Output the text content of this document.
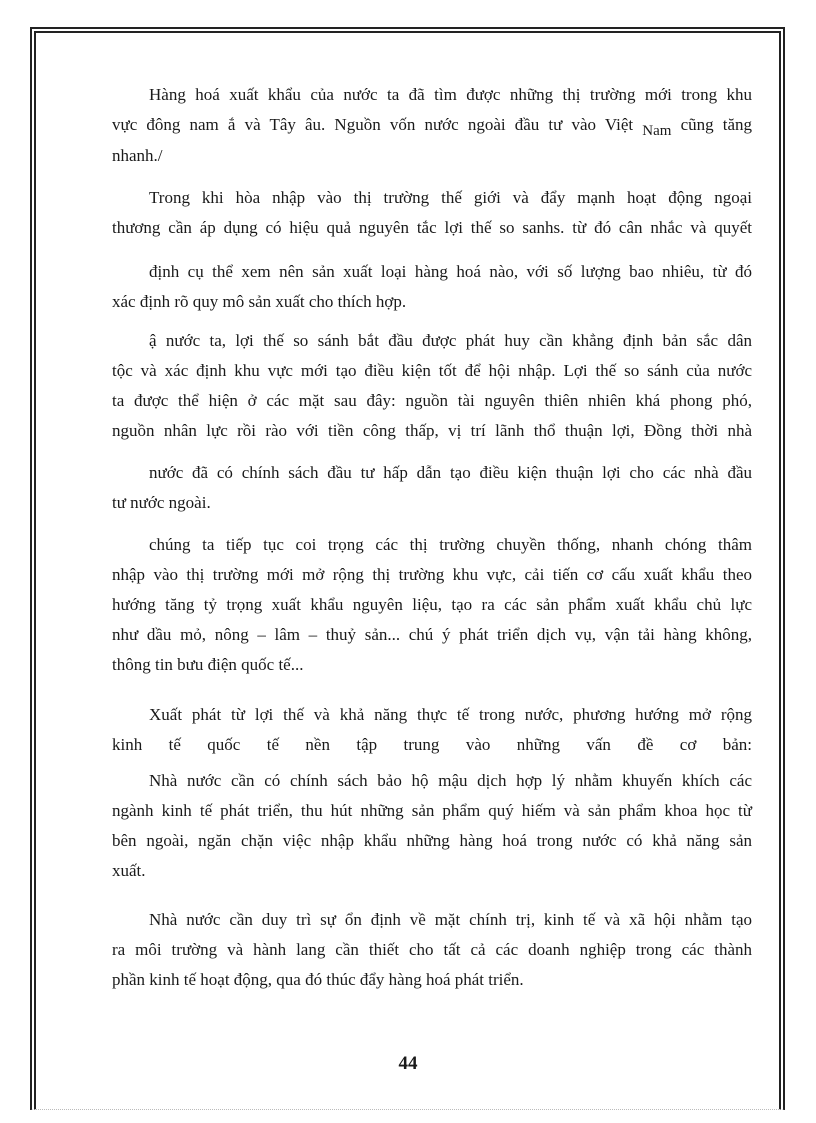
Hàng hoá xuất khẩu của nước ta đã tìm được những thị trường mới trong khu
vực đông nam ắ và Tây âu. Nguồn vốn nước ngoài đầu tư vào Việt Nam cũng tăng
nhanh./
Trong khi hòa nhập vào thị trường thế giới và đẩy mạnh hoạt động ngoại
thương cần áp dụng có hiệu quả nguyên tắc lợi thế so sanhs. từ đó cân nhắc và quyết
định cụ thể xem nên sản xuất loại hàng hoá nào, với số lượng bao nhiêu, từ đó
xác định rõ quy mô sản xuất cho thích hợp.
ậ nước ta, lợi thế so sánh bắt đầu được phát huy cần khẳng định bản sắc dân
tộc và xác định khu vực mới tạo điều kiện tốt để hội nhập. Lợi thế so sánh của nước
ta được thể hiện ở các mặt sau đây: nguồn tài nguyên thiên nhiên khá phong phó,
nguồn nhân lực rồi rào với tiền công thấp, vị trí lãnh thổ thuận lợi, Đồng thời nhà
nước đã có chính sách đầu tư hấp dẫn tạo điều kiện thuận lợi cho các nhà đầu
tư nước ngoài.
chúng ta tiếp tục coi trọng các thị trường chuyền thống, nhanh chóng thâm
nhập vào thị trường mới mở rộng thị trường khu vực, cải tiến cơ cấu xuất khẩu theo
hướng tăng tỷ trọng xuất khẩu nguyên liệu, tạo ra các sản phẩm xuất khẩu chủ lực
như dầu mỏ, nông – lâm – thuỷ sản... chú ý phát triển dịch vụ, vận tải hàng không,
thông tin bưu điện quốc tế...
Xuất phát từ lợi thế và khả năng thực tế trong nước, phương hướng mở rộng
kinh tế quốc tế nền tập trung vào những vấn đề cơ bản:
Nhà nước cần có chính sách bảo hộ mậu dịch hợp lý nhằm khuyến khích các
ngành kinh tế phát triển, thu hút những sản phẩm quý hiếm và sản phẩm khoa học từ
bên ngoài, ngăn chặn việc nhập khẩu những hàng hoá trong nước có khả năng sản
xuất.
Nhà nước cần duy trì sự ổn định về mặt chính trị, kinh tế và xã hội nhằm tạo
ra môi trường và hành lang cần thiết cho tất cả các doanh nghiệp trong các thành
phần kinh tế hoạt động, qua đó thúc đẩy hàng hoá phát triển.
44
